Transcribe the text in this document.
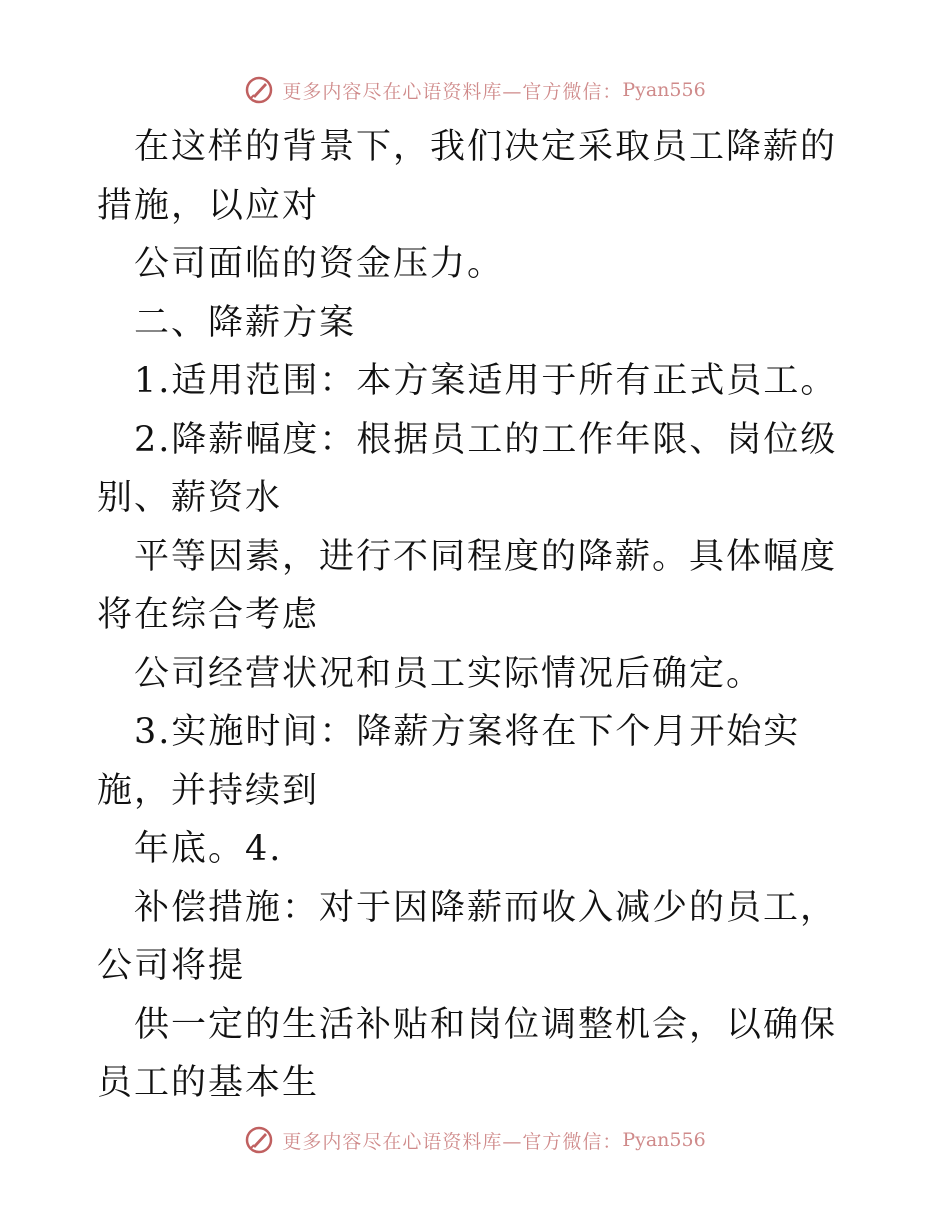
更多内容尽在心语资料库—官方微信： Pyan556

在这样的背景下，我们决定采取员工降薪的措施，以应对

公司面临的资金压力。

二、降薪方案

1.适用范围：本方案适用于所有正式员工。

2.降薪幅度：根据员工的工作年限、岗位级别、薪资水

平等因素，进行不同程度的降薪。具体幅度将在综合考虑

公司经营状况和员工实际情况后确定。

3.实施时间：降薪方案将在下个月开始实施，并持续到

年底。4.

补偿措施：对于因降薪而收入减少的员工，公司将提

供一定的生活补贴和岗位调整机会，以确保员工的基本生

更多内容尽在心语资料库—官方微信： Pyan556
